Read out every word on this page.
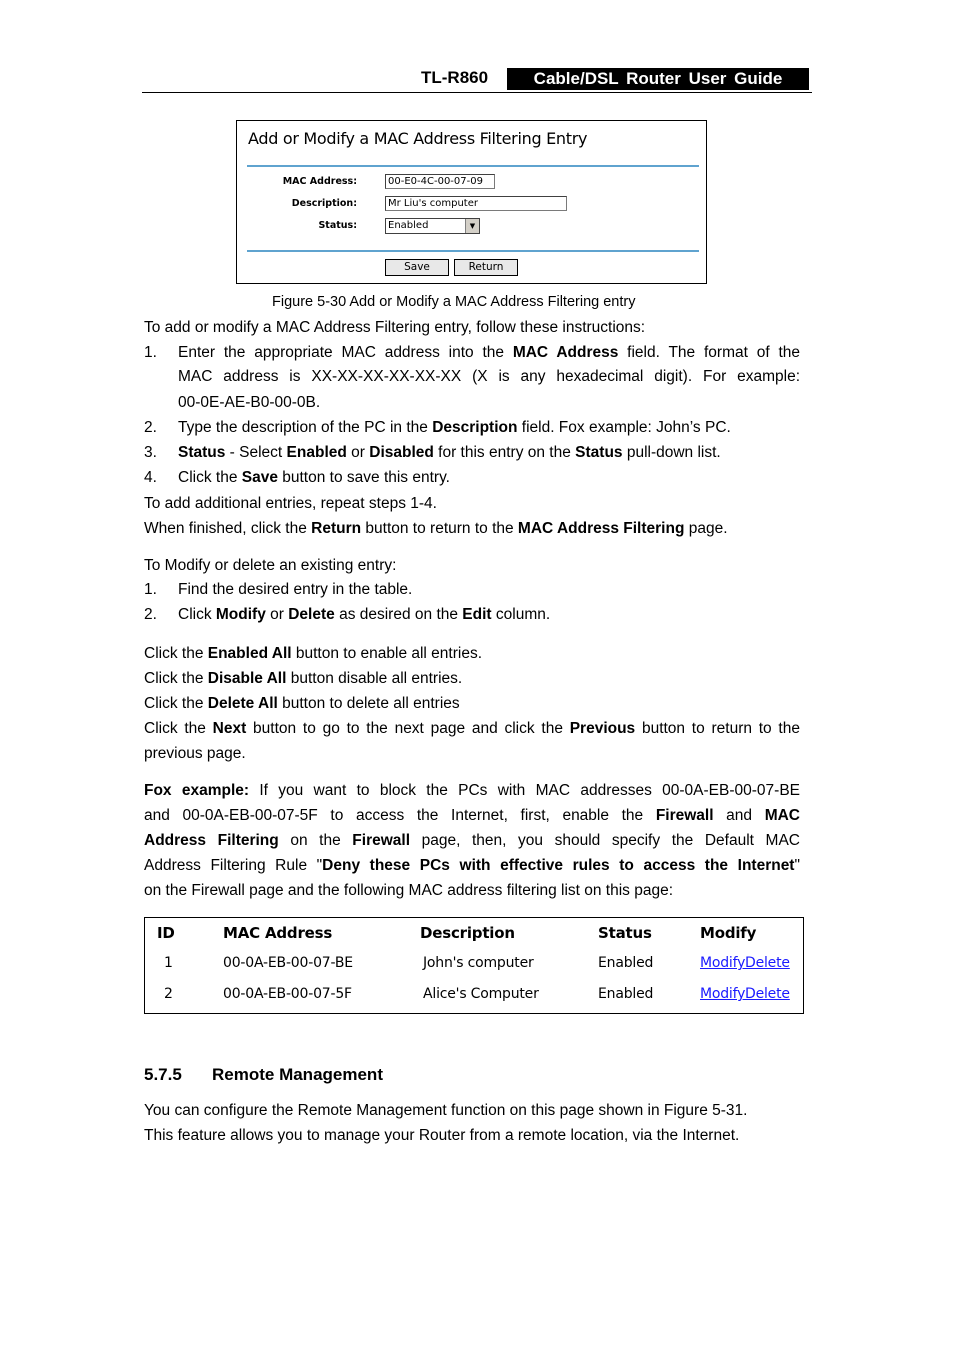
TL-R860	Cable/DSL Router User Guide
Add or Modify a MAC Address Filtering Entry
MAC Address:	00-E0-4C-00-07-09
Description:	Mr Liu's computer
Status:	Enabled	▼
Save	Return
Figure 5-30 Add or Modify a MAC Address Filtering entry
To add or modify a MAC Address Filtering entry, follow these instructions:
1. Enter the appropriate MAC address into the MAC Address field. The format of the
MAC address is XX-XX-XX-XX-XX-XX (X is any hexadecimal digit). For example:
00-0E-AE-B0-00-0B.
2. Type the description of the PC in the Description field. Fox example: John’s PC.
3. Status - Select Enabled or Disabled for this entry on the Status pull-down list.
4. Click the Save button to save this entry.
To add additional entries, repeat steps 1-4.
When finished, click the Return button to return to the MAC Address Filtering page.
To Modify or delete an existing entry:
1. Find the desired entry in the table.
2. Click Modify or Delete as desired on the Edit column.
Click the Enabled All button to enable all entries.
Click the Disable All button disable all entries.
Click the Delete All button to delete all entries
Click the Next button to go to the next page and click the Previous button to return to the
previous page.
Fox example: If you want to block the PCs with MAC addresses 00-0A-EB-00-07-BE
and 00-0A-EB-00-07-5F to access the Internet, first, enable the Firewall and MAC
Address Filtering on the Firewall page, then, you should specify the Default MAC
Address Filtering Rule "Deny these PCs with effective rules to access the Internet"
on the Firewall page and the following MAC address filtering list on this page:
ID	MAC Address	Description	Status	Modify
1	00-0A-EB-00-07-BE	John's computer	Enabled	Modify Delete
2	00-0A-EB-00-07-5F	Alice's Computer	Enabled	Modify Delete
5.7.5 Remote Management
You can configure the Remote Management function on this page shown in Figure 5-31.
This feature allows you to manage your Router from a remote location, via the Internet.
